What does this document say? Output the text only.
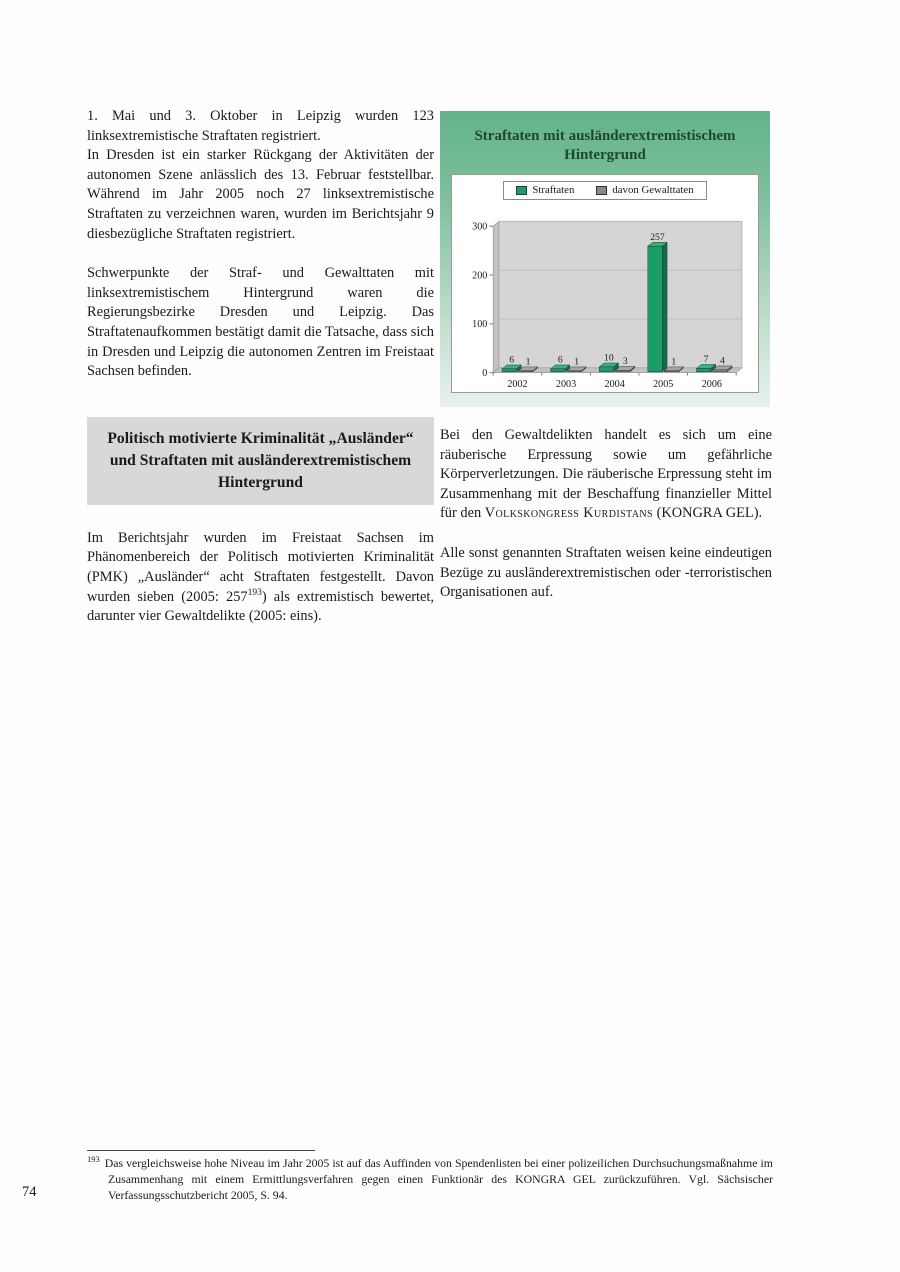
1. Mai und 3. Oktober in Leipzig wurden 123 linksextremistische Straftaten registriert.

In Dresden ist ein starker Rückgang der Aktivitäten der autonomen Szene anlässlich des 13. Februar feststellbar. Während im Jahr 2005 noch 27 linksextremistische Straftaten zu verzeichnen waren, wurden im Berichtsjahr 9 diesbezügliche Straftaten registriert.

Schwerpunkte der Straf- und Gewalttaten mit linksextremistischem Hintergrund waren die Regierungsbezirke Dresden und Leipzig. Das Straftatenaufkommen bestätigt damit die Tatsache, dass sich in Dresden und Leipzig die autonomen Zentren im Freistaat Sachsen befinden.

Politisch motivierte Kriminalität „Ausländer“ und Straftaten mit ausländerextremistischem Hintergrund

Im Berichtsjahr wurden im Freistaat Sachsen im Phänomenbereich der Politisch motivierten Kriminalität (PMK) „Ausländer“ acht Straftaten festgestellt. Davon wurden sieben (2005: 257$^{193}$) als extremistisch bewertet, darunter vier Gewaltdelikte (2005: eins).

Straftaten mit ausländerextremistischem Hintergrund
Straftaten	davon Gewalttaten
0
100
200
300
2002
6 1
2003
6 1
2004
10 3
2005
257
1
2006
7 4

Bei den Gewaltdelikten handelt es sich um eine räuberische Erpressung sowie um gefährliche Körperverletzungen. Die räuberische Erpressung steht im Zusammenhang mit der Beschaffung finanzieller Mittel für den Volkskongress Kurdistans (KONGRA GEL).

Alle sonst genannten Straftaten weisen keine eindeutigen Bezüge zu ausländerextremistischen oder -terroristischen Organisationen auf.

$^{193}$ Das vergleichsweise hohe Niveau im Jahr 2005 ist auf das Auffinden von Spendenlisten bei einer polizeilichen Durchsuchungsmaßnahme im Zusammenhang mit einem Ermittlungsverfahren gegen einen Funktionär des KONGRA GEL zurückzuführen. Vgl. Sächsischer Verfassungsschutzbericht 2005, S. 94.
74
